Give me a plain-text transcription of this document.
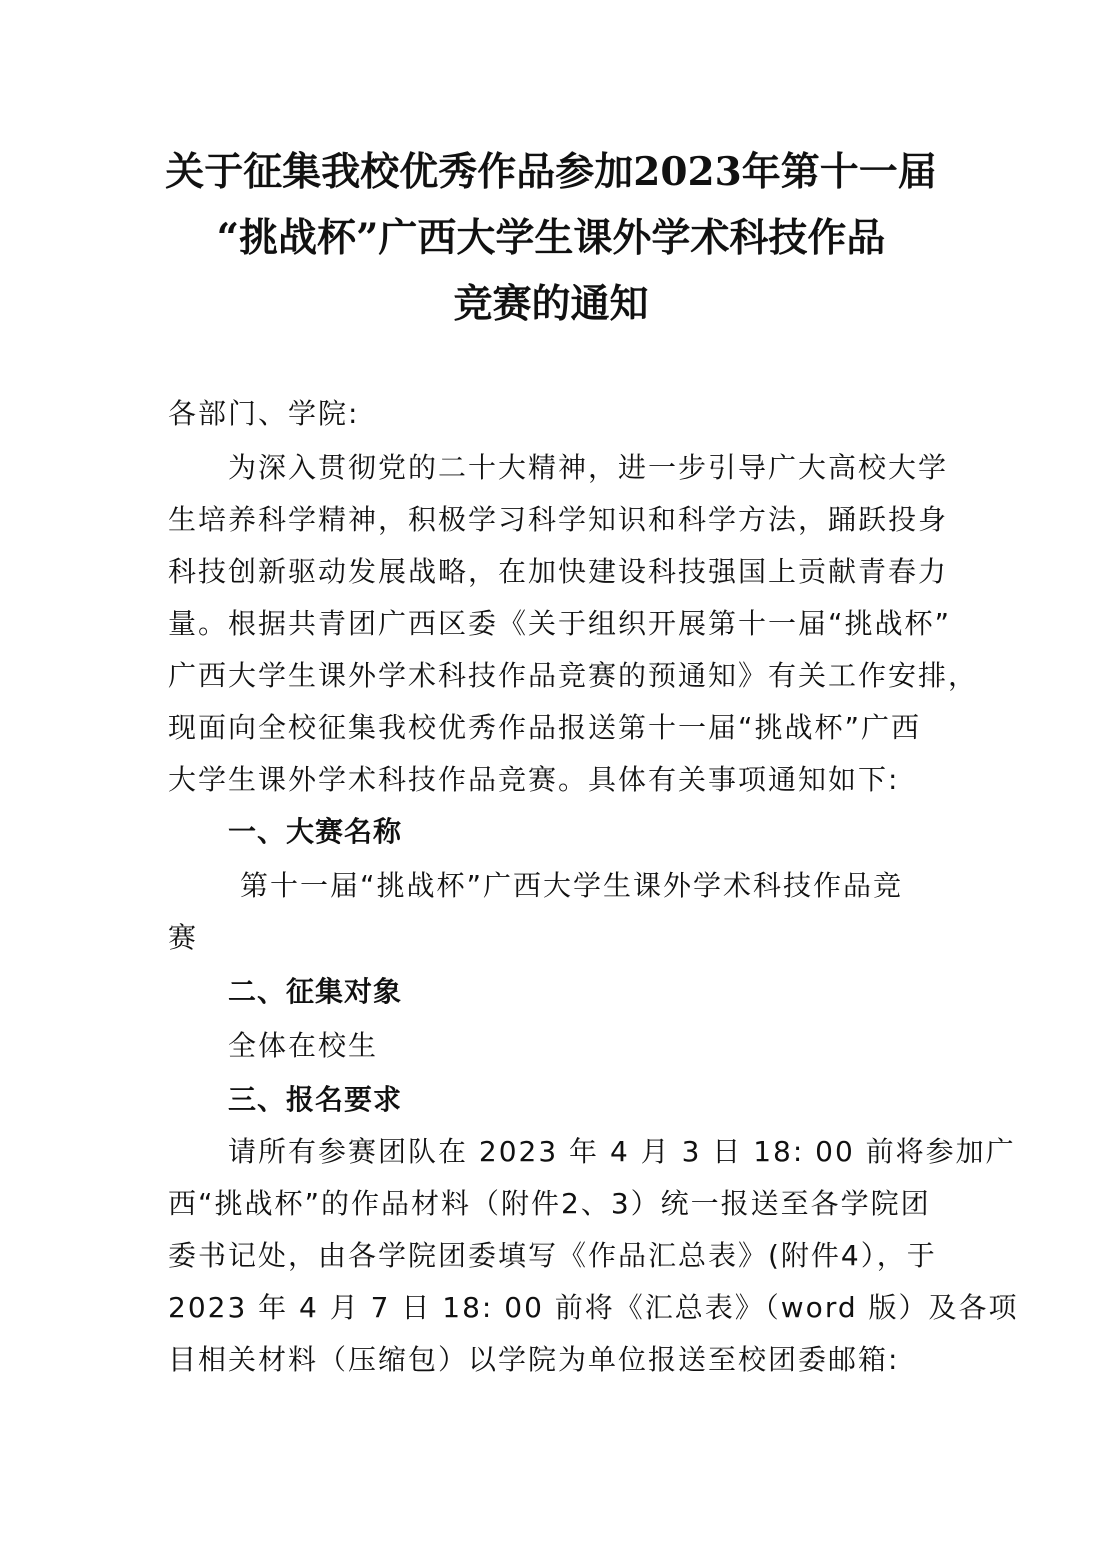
关于征集我校优秀作品参加2023年第十一届
“挑战杯”广西大学生课外学术科技作品
竞赛的通知
各部门、学院:
为深入贯彻党的二十大精神，进一步引导广大高校大学
生培养科学精神，积极学习科学知识和科学方法，踊跃投身
科技创新驱动发展战略，在加快建设科技强国上贡献青春力
量。根据共青团广西区委《关于组织开展第十一届“挑战杯”
广西大学生课外学术科技作品竞赛的预通知》有关工作安排，
现面向全校征集我校优秀作品报送第十一届“挑战杯”广西
大学生课外学术科技作品竞赛。具体有关事项通知如下:
一、大赛名称
第十一届“挑战杯”广西大学生课外学术科技作品竞
赛
二、征集对象
全体在校生
三、报名要求
请所有参赛团队在 2023 年 4 月 3 日 18: 00 前将参加广
西“挑战杯”的作品材料（附件2、3）统一报送至各学院团
委书记处，由各学院团委填写《作品汇总表》(附件4），于
2023 年 4 月 7 日 18: 00 前将《汇总表》（word 版）及各项
目相关材料（压缩包）以学院为单位报送至校团委邮箱:
